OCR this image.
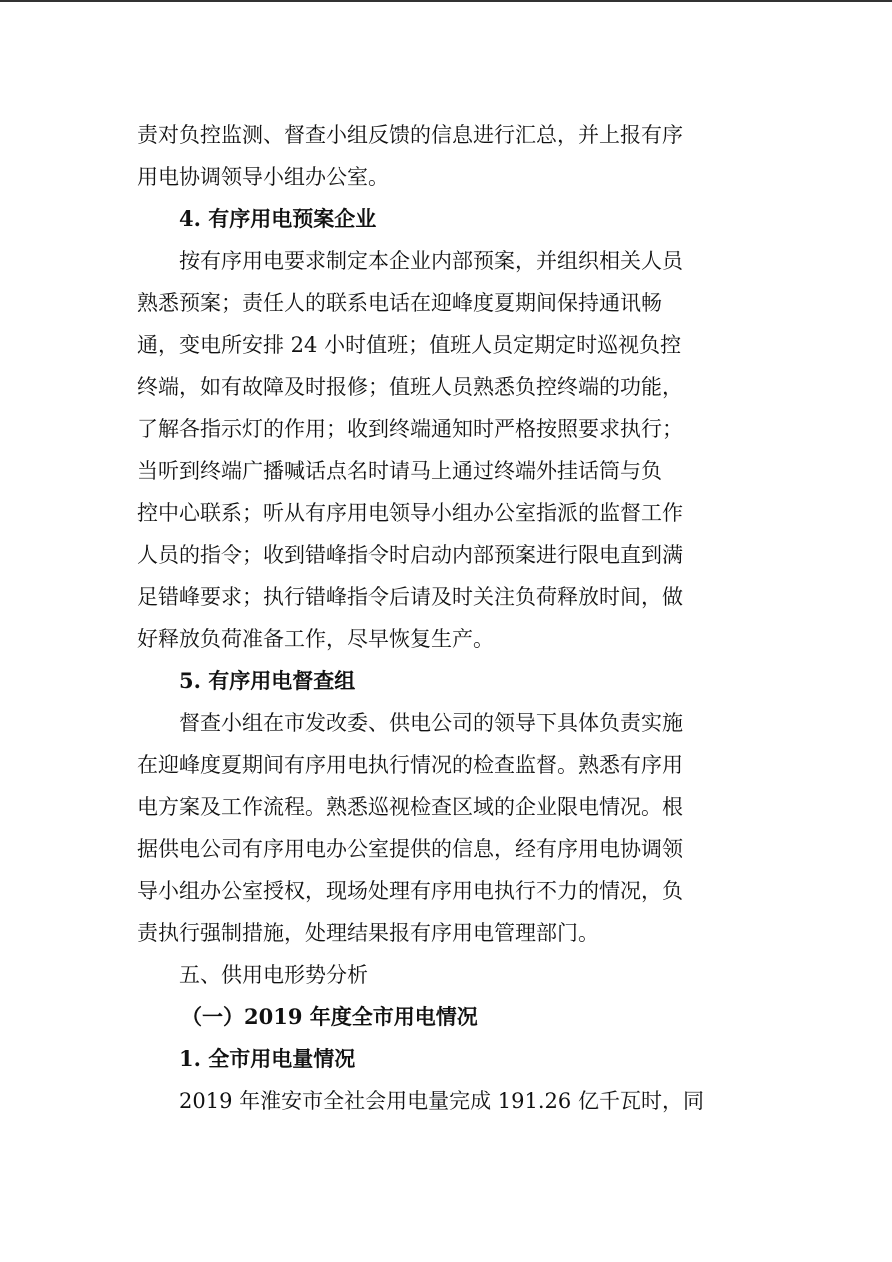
责对负控监测、督查小组反馈的信息进行汇总，并上报有序
用电协调领导小组办公室。
4. 有序用电预案企业
按有序用电要求制定本企业内部预案，并组织相关人员
熟悉预案；责任人的联系电话在迎峰度夏期间保持通讯畅
通，变电所安排 24 小时值班；值班人员定期定时巡视负控
终端，如有故障及时报修；值班人员熟悉负控终端的功能，
了解各指示灯的作用；收到终端通知时严格按照要求执行；
当听到终端广播喊话点名时请马上通过终端外挂话筒与负
控中心联系；听从有序用电领导小组办公室指派的监督工作
人员的指令；收到错峰指令时启动内部预案进行限电直到满
足错峰要求；执行错峰指令后请及时关注负荷释放时间，做
好释放负荷准备工作，尽早恢复生产。
5. 有序用电督查组
督查小组在市发改委、供电公司的领导下具体负责实施
在迎峰度夏期间有序用电执行情况的检查监督。熟悉有序用
电方案及工作流程。熟悉巡视检查区域的企业限电情况。根
据供电公司有序用电办公室提供的信息，经有序用电协调领
导小组办公室授权，现场处理有序用电执行不力的情况，负
责执行强制措施，处理结果报有序用电管理部门。
五、供用电形势分析
（一）2019 年度全市用电情况
1. 全市用电量情况
2019 年淮安市全社会用电量完成 191.26 亿千瓦时，同
